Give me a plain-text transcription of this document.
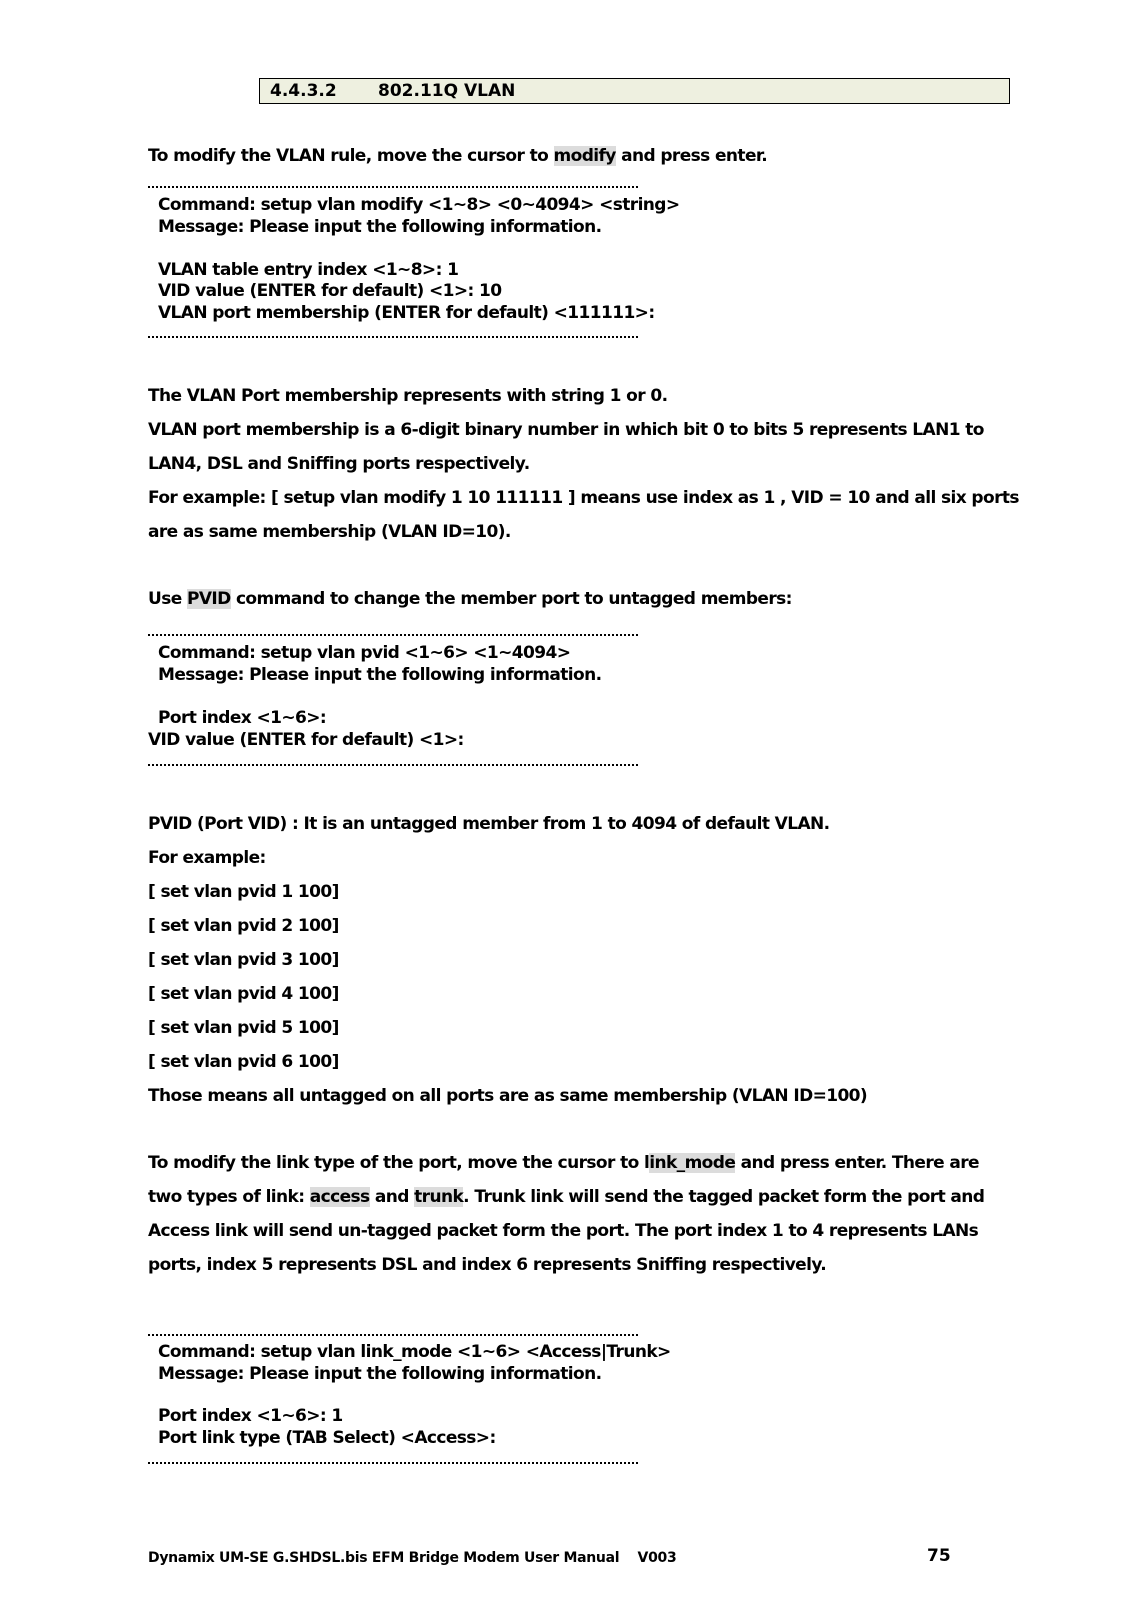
4.4.3.2 802.11Q VLAN
To modify the VLAN rule, move the cursor to modify and press enter.
Command: setup vlan modify <1~8> <0~4094> <string>
Message: Please input the following information.
VLAN table entry index <1~8>: 1
VID value (ENTER for default) <1>: 10
VLAN port membership (ENTER for default) <111111>:
The VLAN Port membership represents with string 1 or 0.
VLAN port membership is a 6-digit binary number in which bit 0 to bits 5 represents LAN1 to
LAN4, DSL and Sniffing ports respectively.
For example: [ setup vlan modify 1 10 111111 ] means use index as 1 , VID = 10 and all six ports
are as same membership (VLAN ID=10).
Use PVID command to change the member port to untagged members:
Command: setup vlan pvid <1~6> <1~4094>
Message: Please input the following information.
Port index <1~6>:
VID value (ENTER for default) <1>:
PVID (Port VID) : It is an untagged member from 1 to 4094 of default VLAN.
For example:
[ set vlan pvid 1 100]
[ set vlan pvid 2 100]
[ set vlan pvid 3 100]
[ set vlan pvid 4 100]
[ set vlan pvid 5 100]
[ set vlan pvid 6 100]
Those means all untagged on all ports are as same membership (VLAN ID=100)
To modify the link type of the port, move the cursor to link_mode and press enter. There are
two types of link: access and trunk. Trunk link will send the tagged packet form the port and
Access link will send un-tagged packet form the port. The port index 1 to 4 represents LANs
ports, index 5 represents DSL and index 6 represents Sniffing respectively.
Command: setup vlan link_mode <1~6> <Access|Trunk>
Message: Please input the following information.
Port index <1~6>: 1
Port link type (TAB Select) <Access>:
Dynamix UM-SE G.SHDSL.bis EFM Bridge Modem User Manual    V003	75
